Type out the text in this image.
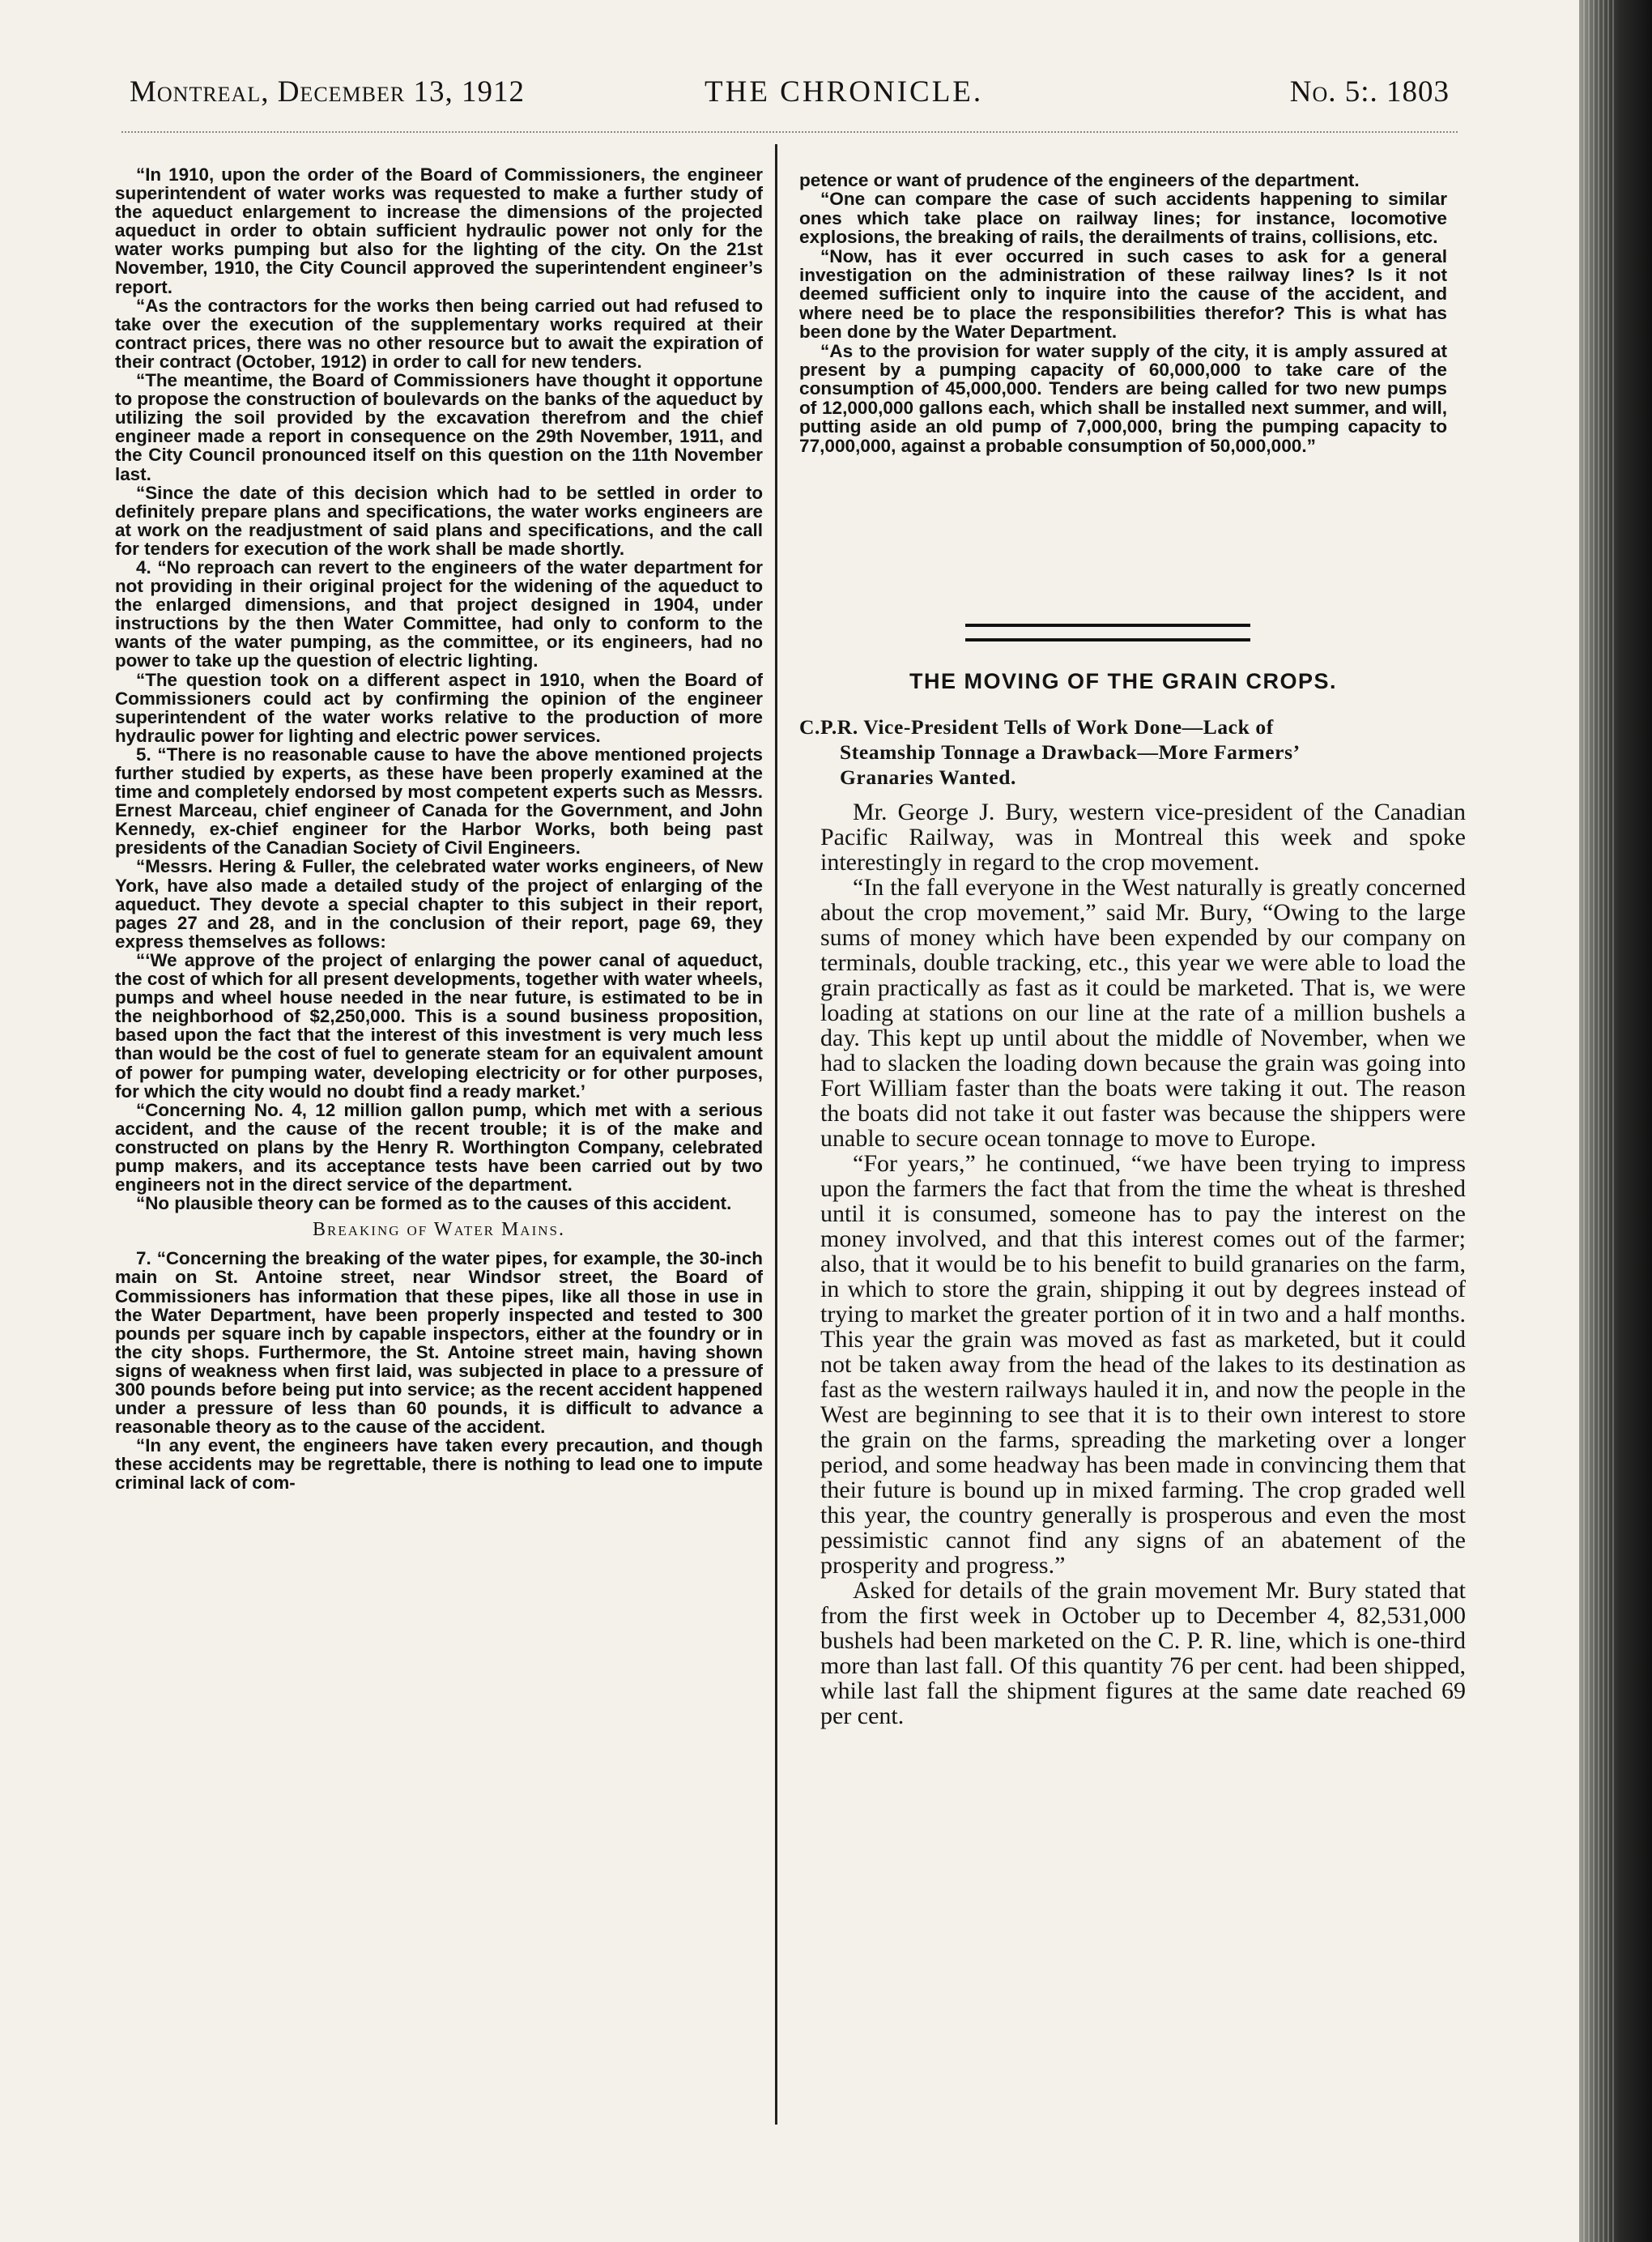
Montreal, December 13, 1912	THE CHRONICLE.	No. 5:. 1803

“In 1910, upon the order of the Board of Commissioners, the engineer superintendent of water works was requested to make a further study of the aqueduct enlargement to increase the dimensions of the projected aqueduct in order to obtain sufficient hydraulic power not only for the water works pumping but also for the lighting of the city. On the 21st November, 1910, the City Council approved the superintendent engineer’s report.

“As the contractors for the works then being carried out had refused to take over the execution of the supplementary works required at their contract prices, there was no other resource but to await the expiration of their contract (October, 1912) in order to call for new tenders.

“The meantime, the Board of Commissioners have thought it opportune to propose the construction of boulevards on the banks of the aqueduct by utilizing the soil provided by the excavation therefrom and the chief engineer made a report in consequence on the 29th November, 1911, and the City Council pronounced itself on this question on the 11th November last.

“Since the date of this decision which had to be settled in order to definitely prepare plans and specifications, the water works engineers are at work on the readjustment of said plans and specifications, and the call for tenders for execution of the work shall be made shortly.

4. “No reproach can revert to the engineers of the water department for not providing in their original project for the widening of the aqueduct to the enlarged dimensions, and that project designed in 1904, under instructions by the then Water Committee, had only to conform to the wants of the water pumping, as the committee, or its engineers, had no power to take up the question of electric lighting.

“The question took on a different aspect in 1910, when the Board of Commissioners could act by confirming the opinion of the engineer superintendent of the water works relative to the production of more hydraulic power for lighting and electric power services.

5. “There is no reasonable cause to have the above mentioned projects further studied by experts, as these have been properly examined at the time and completely endorsed by most competent experts such as Messrs. Ernest Marceau, chief engineer of Canada for the Government, and John Kennedy, ex-chief engineer for the Harbor Works, both being past presidents of the Canadian Society of Civil Engineers.

“Messrs. Hering & Fuller, the celebrated water works engineers, of New York, have also made a detailed study of the project of enlarging of the aqueduct. They devote a special chapter to this subject in their report, pages 27 and 28, and in the conclusion of their report, page 69, they express themselves as follows:

“‘We approve of the project of enlarging the power canal of aqueduct, the cost of which for all present developments, together with water wheels, pumps and wheel house needed in the near future, is estimated to be in the neighborhood of $2,250,000. This is a sound business proposition, based upon the fact that the interest of this investment is very much less than would be the cost of fuel to generate steam for an equivalent amount of power for pumping water, developing electricity or for other purposes, for which the city would no doubt find a ready market.’

“Concerning No. 4, 12 million gallon pump, which met with a serious accident, and the cause of the recent trouble; it is of the make and constructed on plans by the Henry R. Worthington Company, celebrated pump makers, and its acceptance tests have been carried out by two engineers not in the direct service of the department.

“No plausible theory can be formed as to the causes of this accident.

Breaking of Water Mains.

7. “Concerning the breaking of the water pipes, for example, the 30-inch main on St. Antoine street, near Windsor street, the Board of Commissioners has information that these pipes, like all those in use in the Water Department, have been properly inspected and tested to 300 pounds per square inch by capable inspectors, either at the foundry or in the city shops. Furthermore, the St. Antoine street main, having shown signs of weakness when first laid, was subjected in place to a pressure of 300 pounds before being put into service; as the recent accident happened under a pressure of less than 60 pounds, it is difficult to advance a reasonable theory as to the cause of the accident.

“In any event, the engineers have taken every precaution, and though these accidents may be regrettable, there is nothing to lead one to impute criminal lack of com-

petence or want of prudence of the engineers of the department.

“One can compare the case of such accidents happening to similar ones which take place on railway lines; for instance, locomotive explosions, the breaking of rails, the derailments of trains, collisions, etc.

“Now, has it ever occurred in such cases to ask for a general investigation on the administration of these railway lines? Is it not deemed sufficient only to inquire into the cause of the accident, and where need be to place the responsibilities therefor? This is what has been done by the Water Department.

“As to the provision for water supply of the city, it is amply assured at present by a pumping capacity of 60,000,000 to take care of the consumption of 45,000,000. Tenders are being called for two new pumps of 12,000,000 gallons each, which shall be installed next summer, and will, putting aside an old pump of 7,000,000, bring the pumping capacity to 77,000,000, against a probable consumption of 50,000,000.”

THE MOVING OF THE GRAIN CROPS.

C.P.R. Vice-President Tells of Work Done—Lack of

Steamship Tonnage a Drawback—More Farmers’

Granaries Wanted.

Mr. George J. Bury, western vice-president of the Canadian Pacific Railway, was in Montreal this week and spoke interestingly in regard to the crop movement.

“In the fall everyone in the West naturally is greatly concerned about the crop movement,” said Mr. Bury, “Owing to the large sums of money which have been expended by our company on terminals, double tracking, etc., this year we were able to load the grain practically as fast as it could be marketed. That is, we were loading at stations on our line at the rate of a million bushels a day. This kept up until about the middle of November, when we had to slacken the loading down because the grain was going into Fort William faster than the boats were taking it out. The reason the boats did not take it out faster was because the shippers were unable to secure ocean tonnage to move to Europe.

“For years,” he continued, “we have been trying to impress upon the farmers the fact that from the time the wheat is threshed until it is consumed, someone has to pay the interest on the money involved, and that this interest comes out of the farmer; also, that it would be to his benefit to build granaries on the farm, in which to store the grain, shipping it out by degrees instead of trying to market the greater portion of it in two and a half months. This year the grain was moved as fast as marketed, but it could not be taken away from the head of the lakes to its destination as fast as the western railways hauled it in, and now the people in the West are beginning to see that it is to their own interest to store the grain on the farms, spreading the marketing over a longer period, and some headway has been made in convincing them that their future is bound up in mixed farming. The crop graded well this year, the country generally is prosperous and even the most pessimistic cannot find any signs of an abatement of the prosperity and progress.”

Asked for details of the grain movement Mr. Bury stated that from the first week in October up to December 4, 82,531,000 bushels had been marketed on the C. P. R. line, which is one-third more than last fall. Of this quantity 76 per cent. had been shipped, while last fall the shipment figures at the same date reached 69 per cent.
